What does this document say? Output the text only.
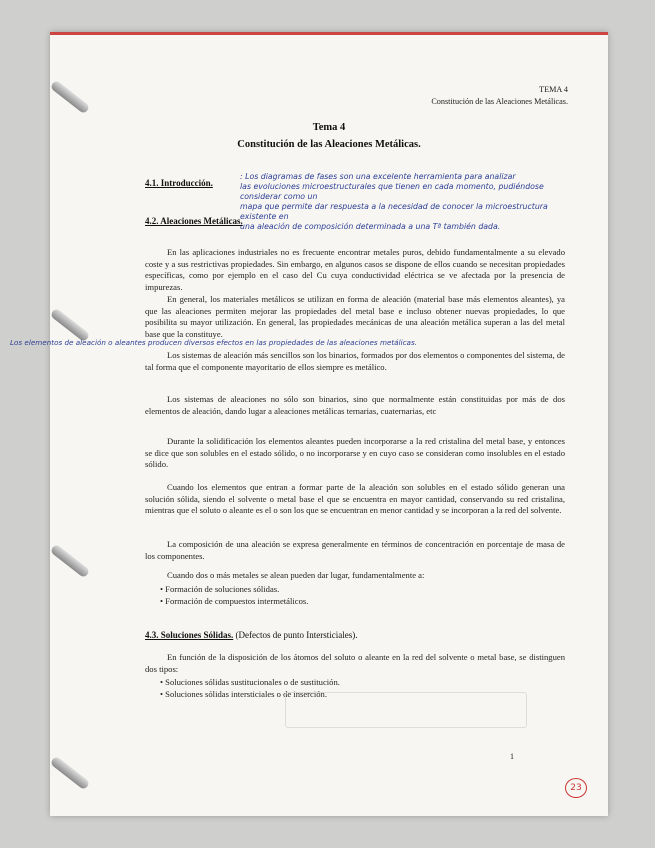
TEMA 4
Constitución de las Aleaciones Metálicas.
Tema 4
Constitución de las Aleaciones Metálicas.
4.1. Introducción.
: Los diagramas de fases son una excelente herramienta para analizar
las evoluciones microestructurales que tienen en cada momento, pudiéndose considerar como un
mapa que permite dar respuesta a la necesidad de conocer la microestructura existente en
una aleación de composición determinada a una Tª también dada.
4.2. Aleaciones Metálicas.

En las aplicaciones industriales no es frecuente encontrar metales puros, debido fundamentalmente a su elevado coste y a sus restrictivas propiedades. Sin embargo, en algunos casos se dispone de ellos cuando se necesitan propiedades específicas, como por ejemplo en el caso del Cu cuya conductividad eléctrica se ve afectada por la presencia de impurezas.

En general, los materiales metálicos se utilizan en forma de aleación (material base más elementos aleantes), ya que las aleaciones permiten mejorar las propiedades del metal base e incluso obtener nuevas propiedades, lo que posibilita su mayor utilización. En general, las propiedades mecánicas de una aleación metálica superan a las del metal base que la constituye.

Los elementos de aleación o aleantes producen diversos efectos en las propiedades de las aleaciones metálicas.

Los sistemas de aleación más sencillos son los binarios, formados por dos elementos o componentes del sistema, de tal forma que el componente mayoritario de ellos siempre es metálico.

Los sistemas de aleaciones no sólo son binarios, sino que normalmente están constituidas por más de dos elementos de aleación, dando lugar a aleaciones metálicas ternarias, cuaternarias, etc

Durante la solidificación los elementos aleantes pueden incorporarse a la red cristalina del metal base, y entonces se dice que son solubles en el estado sólido, o no incorporarse y en cuyo caso se consideran como insolubles en el estado sólido.

Cuando los elementos que entran a formar parte de la aleación son solubles en el estado sólido generan una solución sólida, siendo el solvente o metal base el que se encuentra en mayor cantidad, conservando su red cristalina, mientras que el soluto o aleante es el o son los que se encuentran en menor cantidad y se incorporan a la red del solvente.

La composición de una aleación se expresa generalmente en términos de concentración en porcentaje de masa de los componentes.

Cuando dos o más metales se alean pueden dar lugar, fundamentalmente a:

• Formación de soluciones sólidas.
• Formación de compuestos intermetálicos.
4.3. Soluciones Sólidas. (Defectos de punto Intersticiales).

En función de la disposición de los átomos del soluto o aleante en la red del solvente o metal base, se distinguen dos tipos:

• Soluciones sólidas sustitucionales o de sustitución.
• Soluciones sólidas intersticiales o de inserción.
1
23
